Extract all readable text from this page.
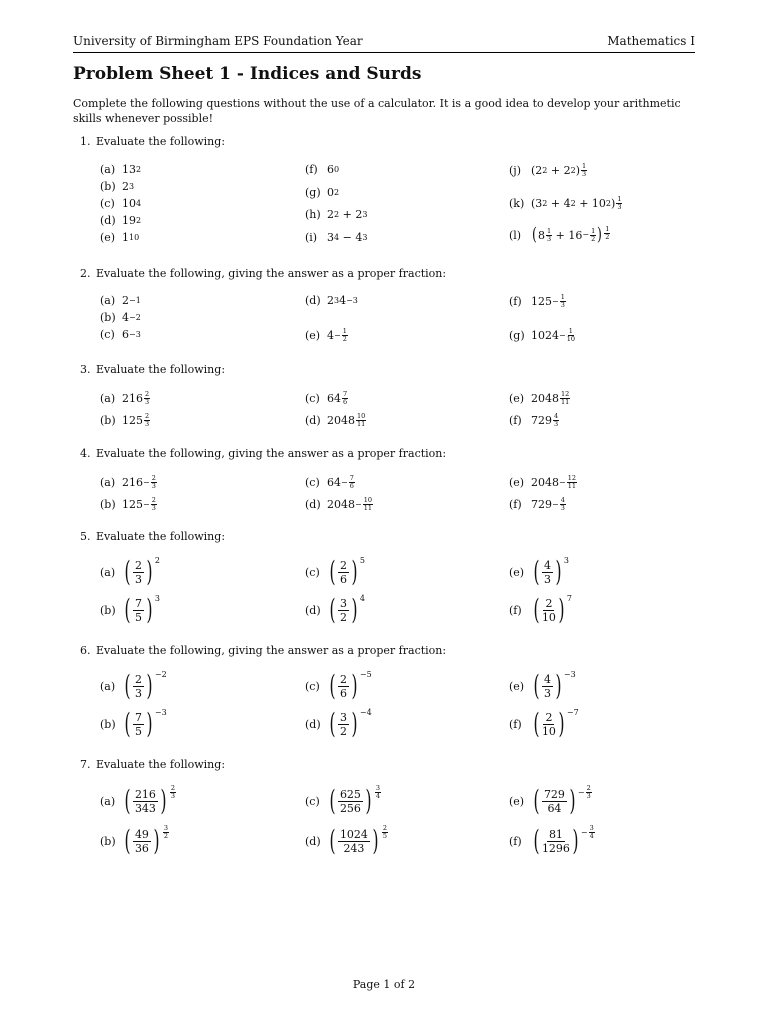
University of Birmingham EPS Foundation Year	Mathematics I
Problem Sheet 1 - Indices and Surds
Complete the following questions without the use of a calculator. It is a good idea to develop your arithmetic skills whenever possible!
1. Evaluate the following:
2. Evaluate the following, giving the answer as a proper fraction:
3. Evaluate the following:
4. Evaluate the following, giving the answer as a proper fraction:
5. Evaluate the following:
6. Evaluate the following, giving the answer as a proper fraction:
7. Evaluate the following:
(a) 13 2
(b) 2 3
(c) 10 4
(d) 19 2
(e) 1 10
(f) 6 0
(g) 0 2
(h) 2 2 + 2 3
(i) 3 4 − 4 3
(j) ( 2 2 + 2 2 ) 1
3
(k) ( 3 2 + 4 2 + 10 2 ) 1
3
(l) ( 8 1
$3 + 16 - \frac{1}{2}$ ) 1
2
(a) 2 −1
(b) 4 −2
(c) 6 −3
(d) 2 3 4 −3
(e) $4 - \frac{1}{2}$
(f) $125 - \frac{1}{3}$
(g) $1024 - \frac{1}{10}$
(a) 216 2
3
(b) 125 2
3
(c) 64 7
6
(d) 2048 10
11
(e) 2048 12
11
(f) 729 4
3
(a) $216 - \frac{2}{3}$
(b) $125 - \frac{2}{3}$
(c) $64 - \frac{7}{6}$
(d) $2048 - \frac{10}{11}$
(e) $2048 - \frac{12}{11}$
(f) $729 - \frac{4}{3}$
(a) ( 2
3 ) 2
(b) ( 7
5 ) 3
(c) ( 2
6 ) 5
(d) ( 3
2 ) 4
(e) ( 4
3 ) 3
(f) ( 2
10 ) 7
(a) ( 2
3 ) −2
(b) ( 7
5 ) −3
(c) ( 2
6 ) −5
(d) ( 3
2 ) −4
(e) ( 4
3 ) −3
(f) ( 2
10 ) −7
(a) ( 216
343 ) 2
3
(b) ( 49
36 ) 3
2
(c) ( 625
256 ) 3
4
(d) ( 1024
243 ) 2
5
(e) ( 729
64 ) − $\frac{2}{3}$
(f) ( 81
1296 ) − $\frac{3}{4}$
Page 1 of 2
